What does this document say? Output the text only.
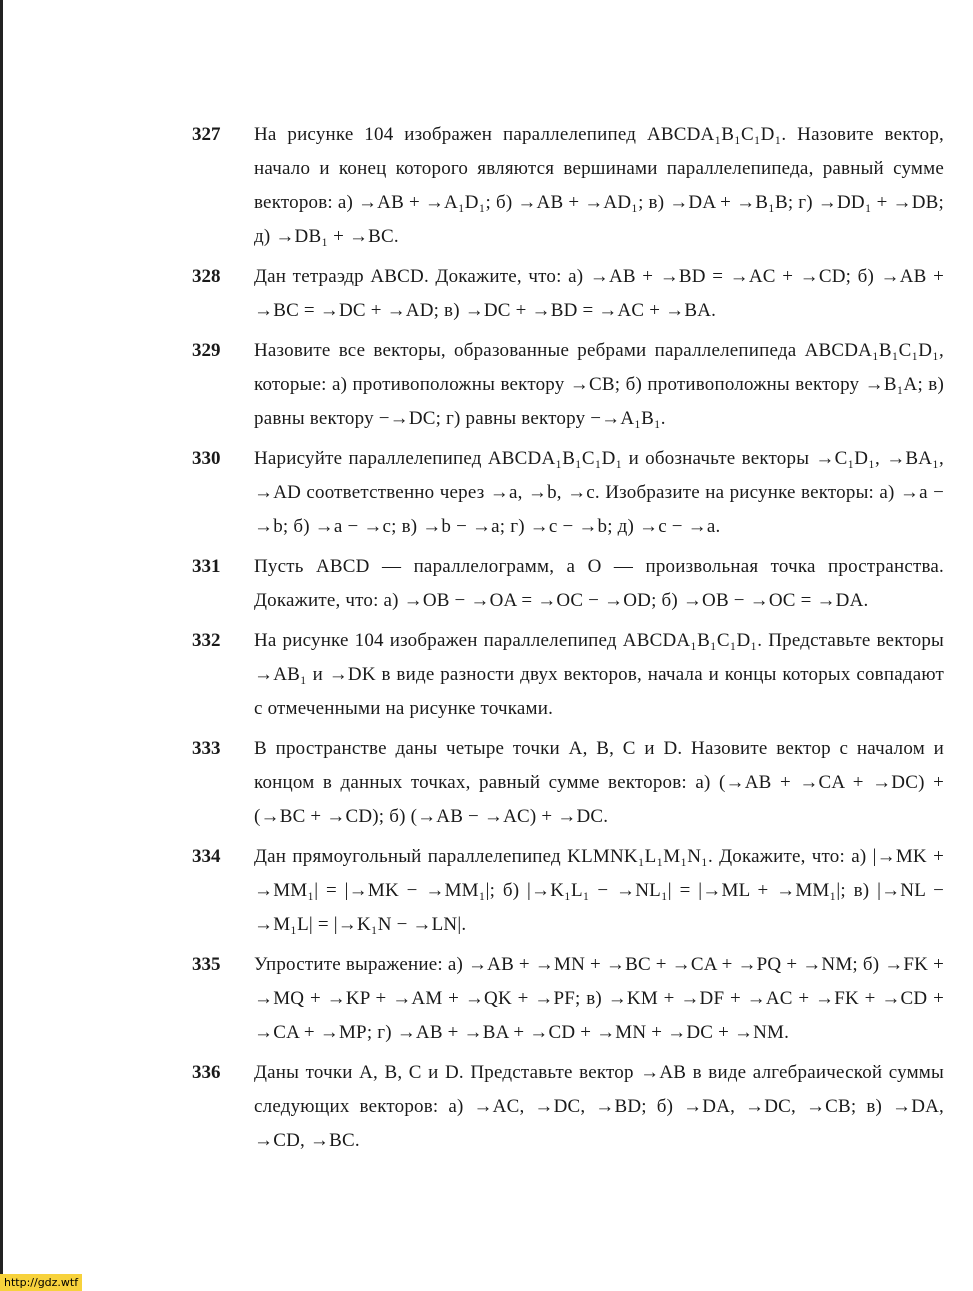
327	На рисунке 104 изображен параллелепипед ABCDA₁B₁C₁D₁. Назовите вектор, начало и конец которого являются вершинами параллелепипеда, равный сумме векторов: а) →AB + →A₁D₁; б) →AB + →AD₁; в) →DA + →B₁B; г) →DD₁ + →DB; д) →DB₁ + →BC.
328	Дан тетраэдр ABCD. Докажите, что: а) →AB + →BD = →AC + →CD; б) →AB + →BC = →DC + →AD; в) →DC + →BD = →AC + →BA.
329	Назовите все векторы, образованные ребрами параллелепипеда ABCDA₁B₁C₁D₁, которые: а) противоположны вектору →CB; б) противоположны вектору →B₁A; в) равны вектору −→DC; г) равны вектору −→A₁B₁.
330	Нарисуйте параллелепипед ABCDA₁B₁C₁D₁ и обозначьте векторы →C₁D₁, →BA₁, →AD соответственно через →a, →b, →c. Изобразите на рисунке векторы: а) →a − →b; б) →a − →c; в) →b − →a; г) →c − →b; д) →c − →a.
331	Пусть ABCD — параллелограмм, а O — произвольная точка пространства. Докажите, что: а) →OB − →OA = →OC − →OD; б) →OB − →OC = →DA.
332	На рисунке 104 изображен параллелепипед ABCDA₁B₁C₁D₁. Представьте векторы →AB₁ и →DK в виде разности двух векторов, начала и концы которых совпадают с отмеченными на рисунке точками.
333	В пространстве даны четыре точки A, B, C и D. Назовите вектор с началом и концом в данных точках, равный сумме векторов: а) (→AB + →CA + →DC) + (→BC + →CD); б) (→AB − →AC) + →DC.
334	Дан прямоугольный параллелепипед KLMNK₁L₁M₁N₁. Докажите, что: а) |→MK + →MM₁| = |→MK − →MM₁|; б) |→K₁L₁ − →NL₁| = |→ML + →MM₁|; в) |→NL − →M₁L| = |→K₁N − →LN|.
335	Упростите выражение: а) →AB + →MN + →BC + →CA + →PQ + →NM; б) →FK + →MQ + →KP + →AM + →QK + →PF; в) →KM + →DF + →AC + →FK + →CD + →CA + →MP; г) →AB + →BA + →CD + →MN + →DC + →NM.
336	Даны точки A, B, C и D. Представьте вектор →AB в виде алгебраической суммы следующих векторов: а) →AC, →DC, →BD; б) →DA, →DC, →CB; в) →DA, →CD, →BC.
http://gdz.wtf
